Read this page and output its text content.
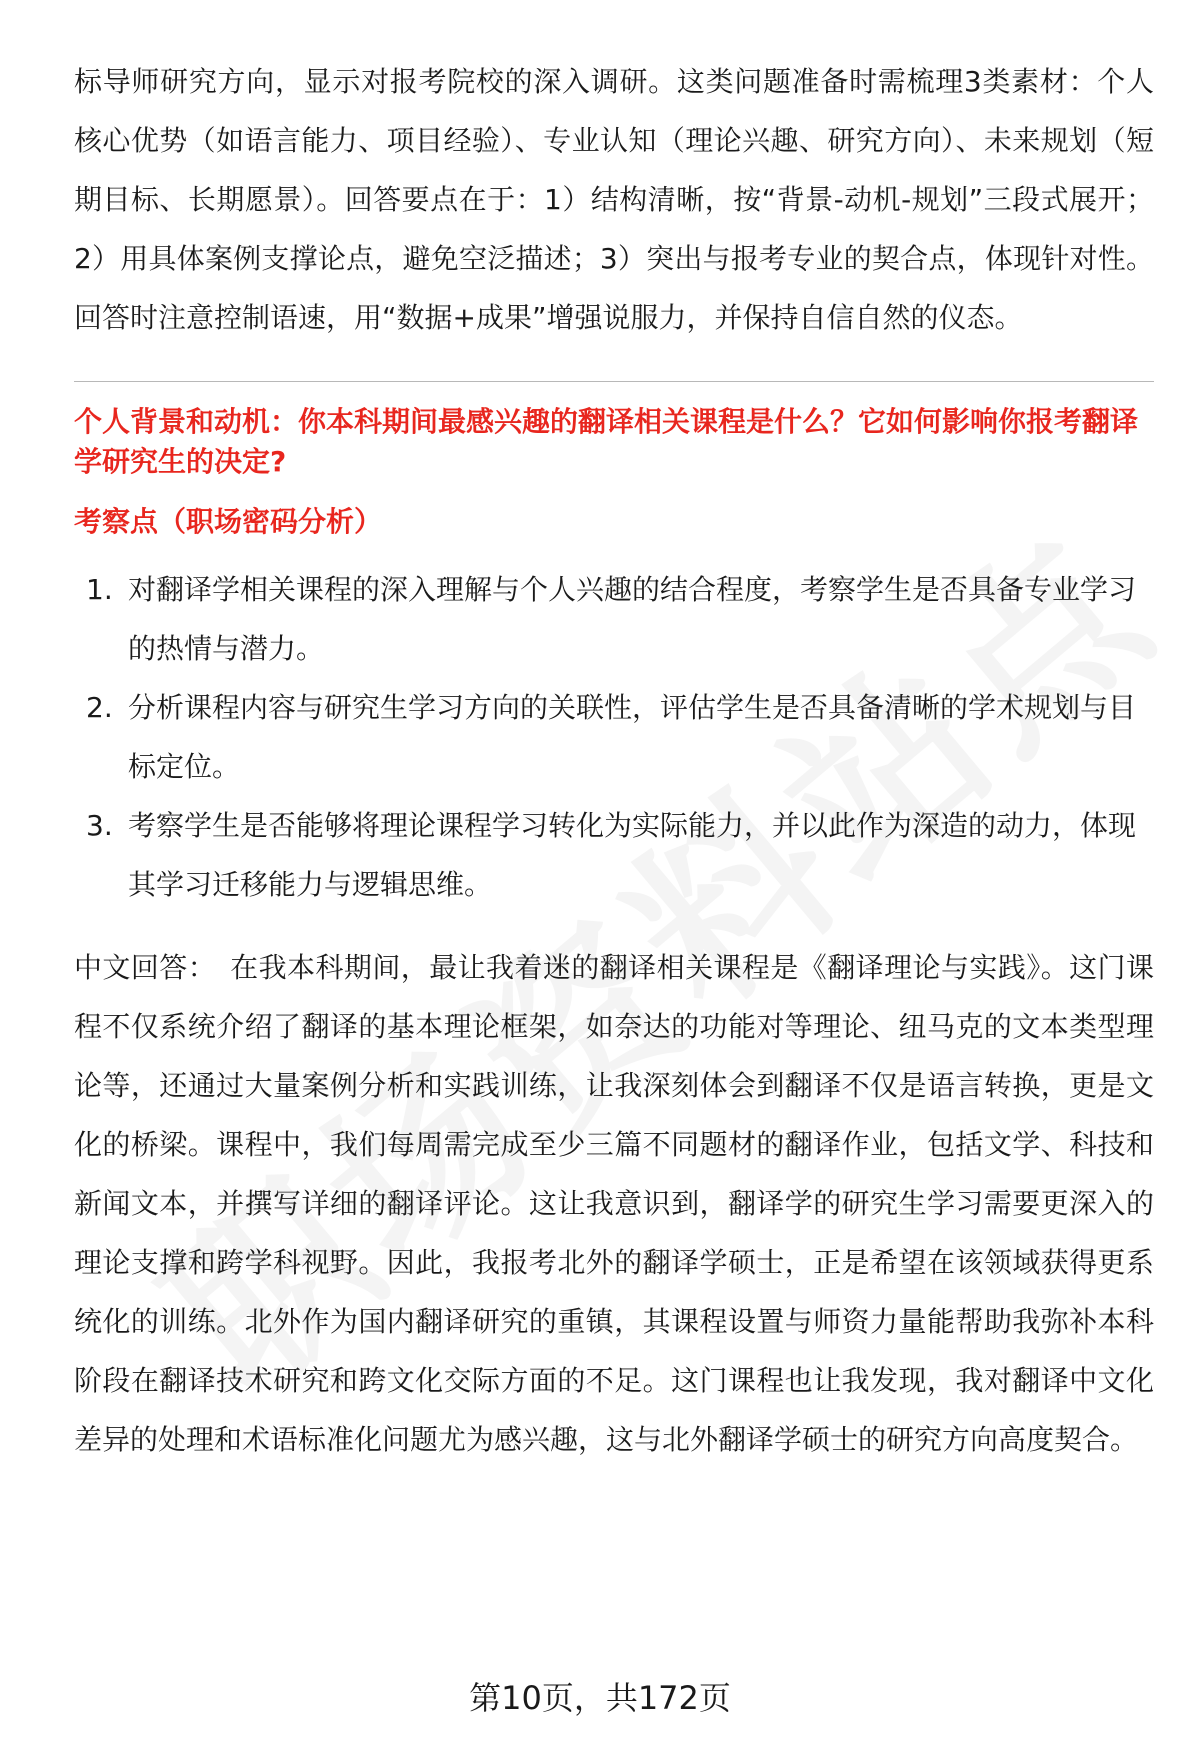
标导师研究方向，显示对报考院校的深入调研。这类问题准备时需梳理3类素材：个人核心优势（如语言能力、项目经验）、专业认知（理论兴趣、研究方向）、未来规划（短期目标、长期愿景）。回答要点在于：1）结构清晰，按“背景-动机-规划”三段式展开；2）用具体案例支撑论点，避免空泛描述；3）突出与报考专业的契合点，体现针对性。回答时注意控制语速，用“数据+成果”增强说服力，并保持自信自然的仪态。

个人背景和动机：你本科期间最感兴趣的翻译相关课程是什么？它如何影响你报考翻译学研究生的决定?

考察点（职场密码分析）

1. 对翻译学相关课程的深入理解与个人兴趣的结合程度，考察学生是否具备专业学习的热情与潜力。
2. 分析课程内容与研究生学习方向的关联性，评估学生是否具备清晰的学术规划与目标定位。
3. 考察学生是否能够将理论课程学习转化为实际能力，并以此作为深造的动力，体现其学习迁移能力与逻辑思维。

中文回答： 在我本科期间，最让我着迷的翻译相关课程是《翻译理论与实践》。这门课程不仅系统介绍了翻译的基本理论框架，如奈达的功能对等理论、纽马克的文本类型理论等，还通过大量案例分析和实践训练，让我深刻体会到翻译不仅是语言转换，更是文化的桥梁。课程中，我们每周需完成至少三篇不同题材的翻译作业，包括文学、科技和新闻文本，并撰写详细的翻译评论。这让我意识到，翻译学的研究生学习需要更深入的理论支撑和跨学科视野。因此，我报考北外的翻译学硕士，正是希望在该领域获得更系统化的训练。北外作为国内翻译研究的重镇，其课程设置与师资力量能帮助我弥补本科阶段在翻译技术研究和跨文化交际方面的不足。这门课程也让我发现，我对翻译中文化差异的处理和术语标准化问题尤为感兴趣，这与北外翻译学硕士的研究方向高度契合。

第10页，共172页
